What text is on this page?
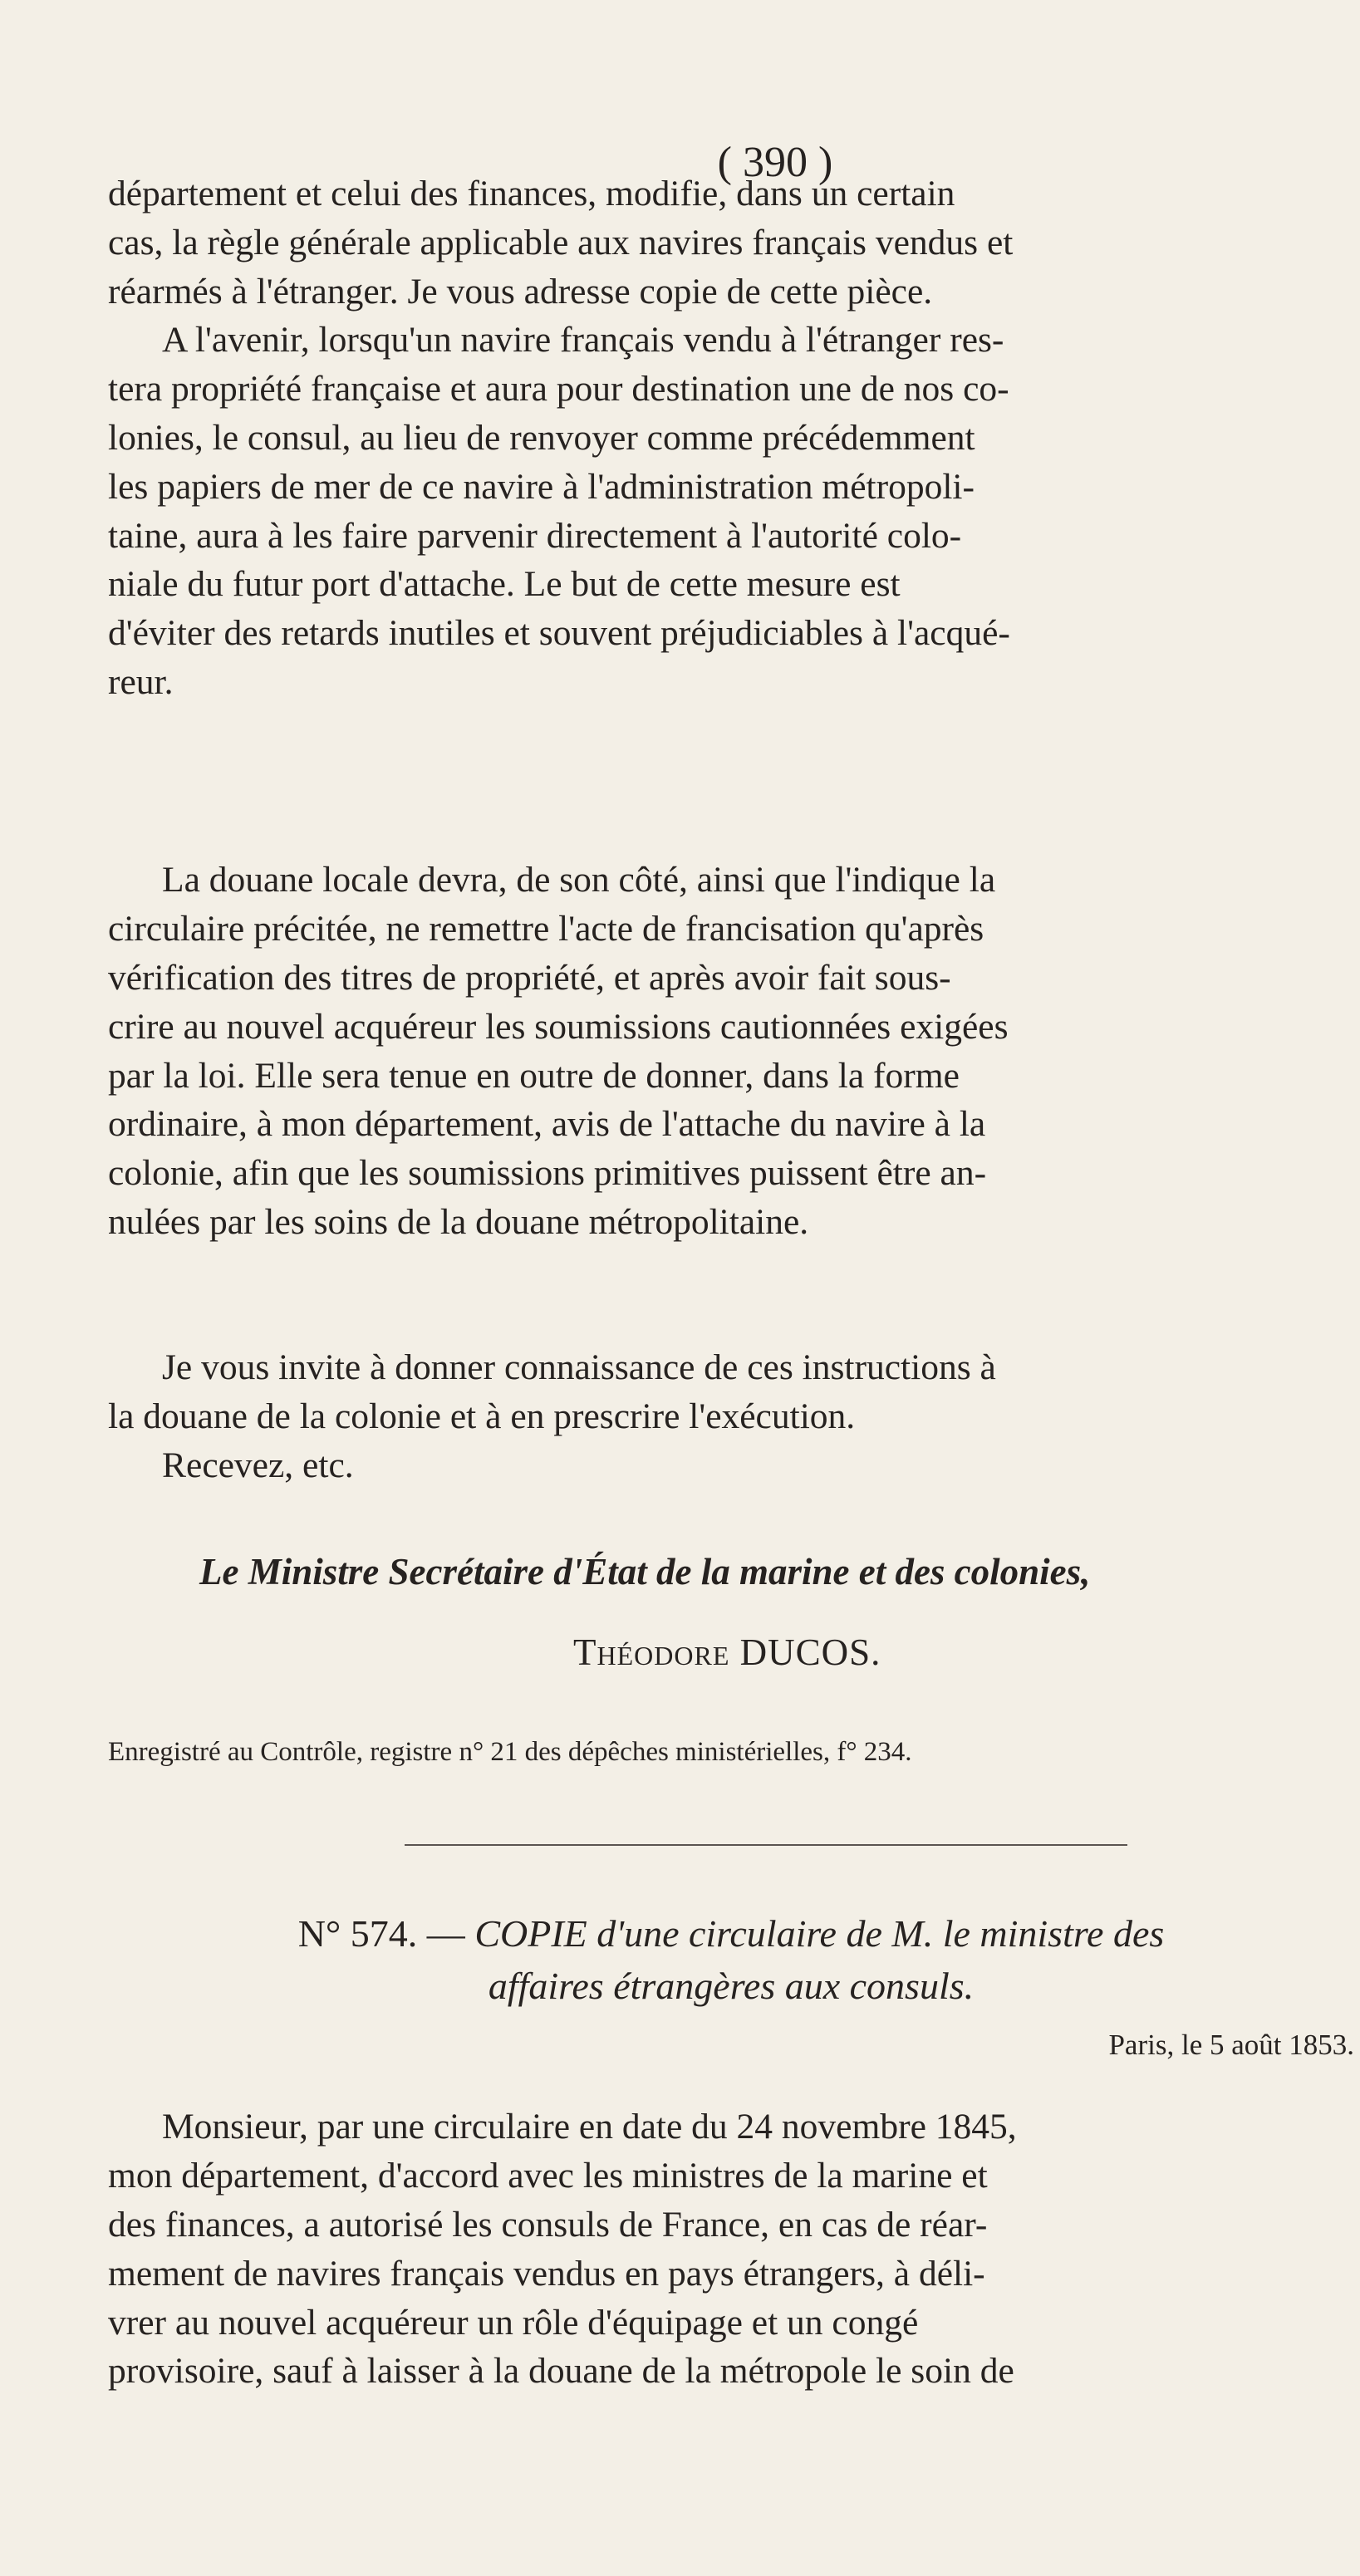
( 390 )
département et celui des finances, modifie, dans un certain
cas, la règle générale applicable aux navires français vendus et
réarmés à l'étranger. Je vous adresse copie de cette pièce.
A l'avenir, lorsqu'un navire français vendu à l'étranger res-
tera propriété française et aura pour destination une de nos co-
lonies, le consul, au lieu de renvoyer comme précédemment
les papiers de mer de ce navire à l'administration métropoli-
taine, aura à les faire parvenir directement à l'autorité colo-
niale du futur port d'attache. Le but de cette mesure est
d'éviter des retards inutiles et souvent préjudiciables à l'acqué-
reur.
La douane locale devra, de son côté, ainsi que l'indique la
circulaire précitée, ne remettre l'acte de francisation qu'après
vérification des titres de propriété, et après avoir fait sous-
crire au nouvel acquéreur les soumissions cautionnées exigées
par la loi. Elle sera tenue en outre de donner, dans la forme
ordinaire, à mon département, avis de l'attache du navire à la
colonie, afin que les soumissions primitives puissent être an-
nulées par les soins de la douane métropolitaine.
Je vous invite à donner connaissance de ces instructions à
la douane de la colonie et à en prescrire l'exécution.
Recevez, etc.
Le Ministre Secrétaire d'État de la marine et des colonies,
Théodore DUCOS.
Enregistré au Contrôle, registre n° 21 des dépêches ministérielles, f° 234.
N° 574. — COPIE d'une circulaire de M. le ministre des
affaires étrangères aux consuls.
Paris, le 5 août 1853.
Monsieur, par une circulaire en date du 24 novembre 1845,
mon département, d'accord avec les ministres de la marine et
des finances, a autorisé les consuls de France, en cas de réar-
mement de navires français vendus en pays étrangers, à déli-
vrer au nouvel acquéreur un rôle d'équipage et un congé
provisoire, sauf à laisser à la douane de la métropole le soin de
